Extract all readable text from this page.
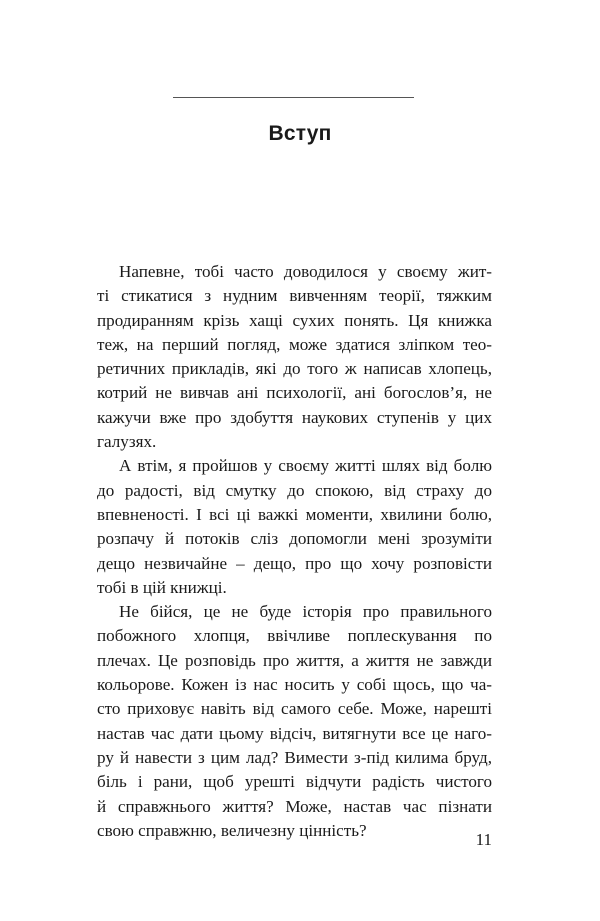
Вступ

Напевне, тобі часто доводилося у своєму жит-
ті стикатися з нудним вивченням теорії, тяжким
продиранням крізь хащі сухих понять. Ця книжка
теж, на перший погляд, може здатися зліпком тео-
ретичних прикладів, які до того ж написав хлопець,
котрий не вивчав ані психології, ані богослов’я, не
кажучи вже про здобуття наукових ступенів у цих
галузях.

А втім, я пройшов у своєму житті шлях від болю
до радості, від смутку до спокою, від страху до
впевненості. І всі ці важкі моменти, хвилини болю,
розпачу й потоків сліз допомогли мені зрозуміти
дещо незвичайне – дещо, про що хочу розповісти
тобі в цій книжці.

Не бійся, це не буде історія про правильного
побожного хлопця, ввічливе поплескування по
плечах. Це розповідь про життя, а життя не завжди
кольорове. Кожен із нас носить у собі щось, що ча-
сто приховує навіть від самого себе. Може, нарешті
настав час дати цьому відсіч, витягнути все це наго-
ру й навести з цим лад? Вимести з-під килима бруд,
біль і рани, щоб урешті відчути радість чистого
й справжнього життя? Може, настав час пізнати
свою справжню, величезну цінність?	11
